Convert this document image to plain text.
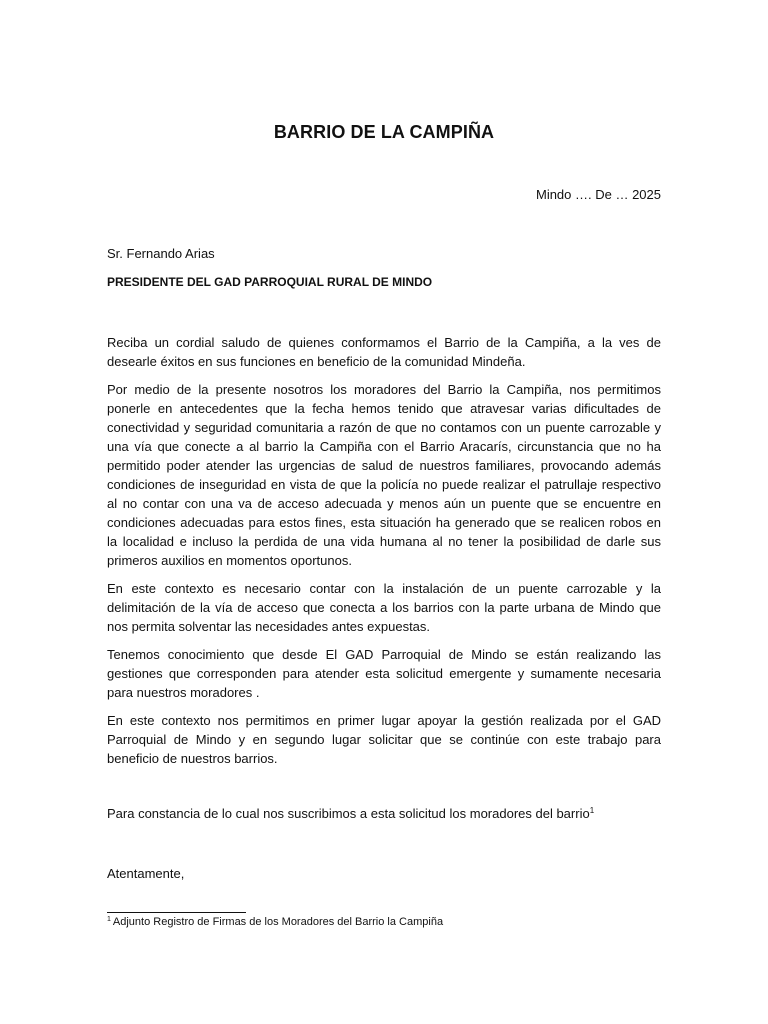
BARRIO DE LA CAMPIÑA
Mindo …. De … 2025
Sr. Fernando Arias
PRESIDENTE DEL GAD PARROQUIAL RURAL DE MINDO

Reciba un cordial saludo de quienes conformamos el Barrio de la Campiña, a la ves de desearle éxitos en sus funciones en beneficio de la comunidad Mindeña.

Por medio de la presente nosotros los moradores del Barrio la Campiña, nos permitimos ponerle en antecedentes que la fecha hemos tenido que atravesar varias dificultades de conectividad y seguridad comunitaria a razón de que no contamos con un puente carrozable y una vía que conecte a al barrio la Campiña con el Barrio Aracarís, circunstancia que no ha permitido poder atender las urgencias de salud de nuestros familiares, provocando además condiciones de inseguridad en vista de que la policía no puede realizar el patrullaje respectivo al no contar con una va de acceso adecuada y menos aún un puente que se encuentre en condiciones adecuadas para estos fines, esta situación ha generado que se realicen robos en la localidad e incluso la perdida de una vida humana al no tener la posibilidad de darle sus primeros auxilios en momentos oportunos.

En este contexto es necesario contar con la instalación de un puente carrozable y la delimitación de la vía de acceso que conecta a los barrios con la parte urbana de Mindo que nos permita solventar las necesidades antes expuestas.

Tenemos conocimiento que desde El GAD Parroquial de Mindo se están realizando las gestiones que corresponden para atender esta solicitud emergente y sumamente necesaria para nuestros moradores .

En este contexto nos permitimos en primer lugar apoyar la gestión realizada por el GAD Parroquial de Mindo y en segundo lugar solicitar que se continúe con este trabajo para beneficio de nuestros barrios.

Para constancia de lo cual nos suscribimos a esta solicitud los moradores del barrio$^1$
Atentamente,
$^1$ Adjunto Registro de Firmas de los Moradores del Barrio la Campiña
